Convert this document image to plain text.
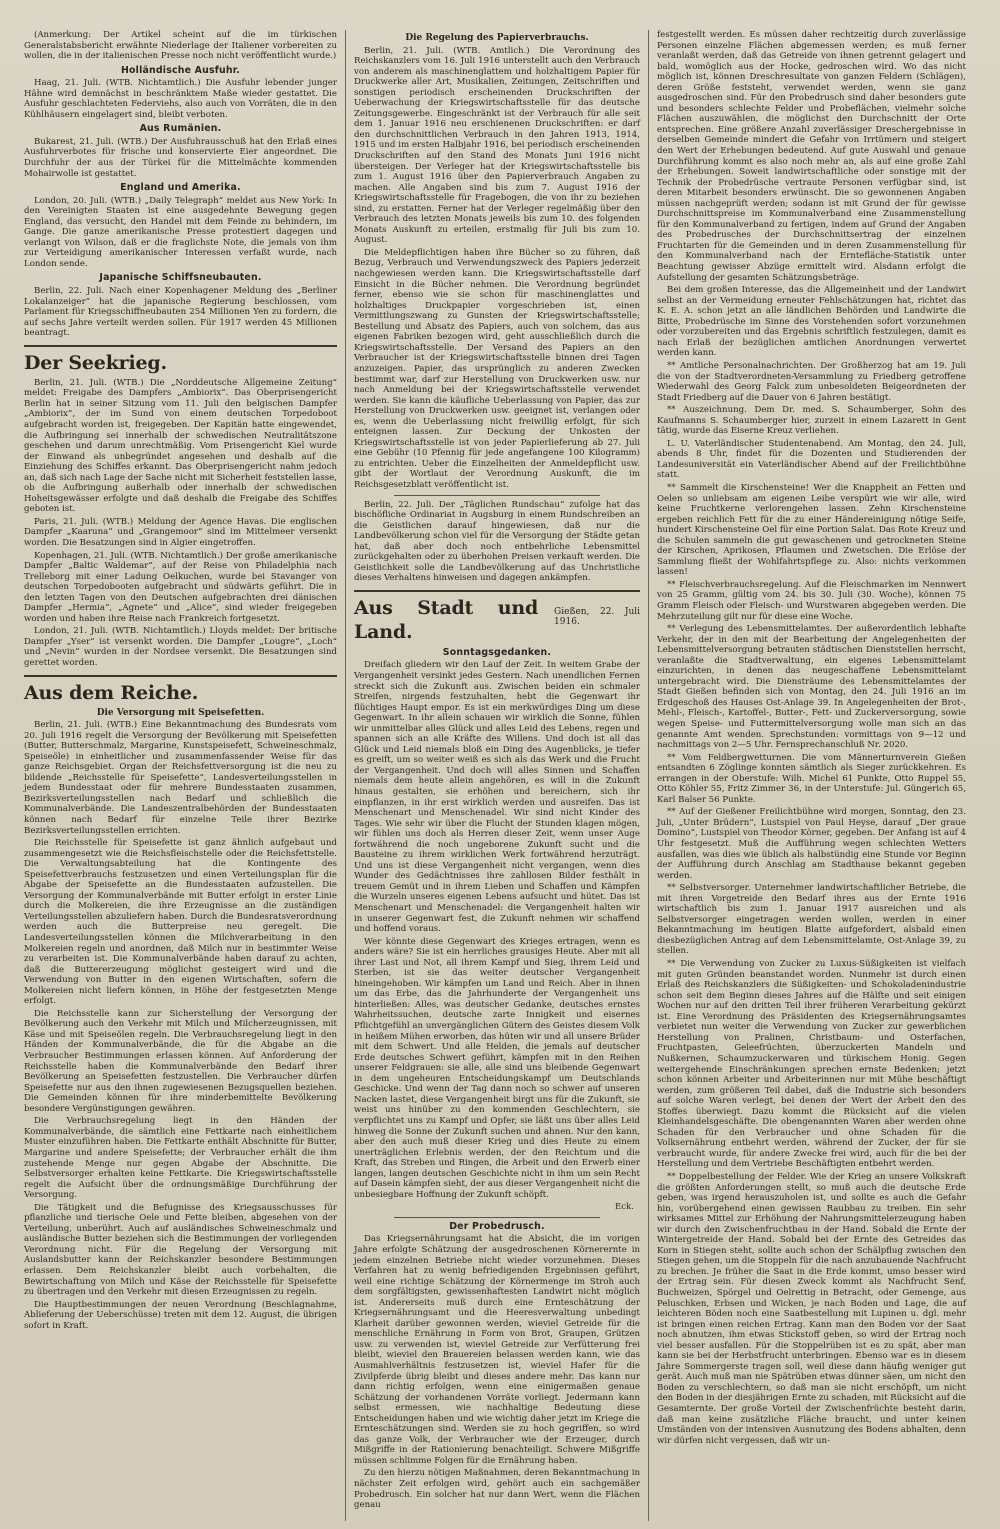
(Anmerkung: Der Artikel scheint auf die im türkischen Generalstabsbericht erwähnte Niederlage der Italiener vorbereiten zu wollen, die in der italienischen Presse noch nicht veröffentlicht wurde.)

Holländische Ausfuhr.

Haag, 21. Juli. (WTB. Nichtamtlich.) Die Ausfuhr lebender junger Hähne wird demnächst in beschränktem Maße wieder gestattet. Die Ausfuhr geschlachteten Federviehs, also auch von Vorräten, die in den Kühlhäusern eingelagert sind, bleibt verboten.

Aus Rumänien.

Bukarest, 21. Juli. (WTB.) Der Ausfuhrausschuß hat den Erlaß eines Ausfuhrverbotes für frische und konservierte Eier angeordnet. Die Durchfuhr der aus der Türkei für die Mittelmächte kommenden Mohairwolle ist gestattet.

England und Amerika.

London, 20. Juli. (WTB.) „Daily Telegraph“ meldet aus New York: In den Vereinigten Staaten ist eine ausgedehnte Bewegung gegen England, das versucht, den Handel mit dem Feinde zu behindern, im Gange. Die ganze amerikanische Presse protestiert dagegen und verlangt von Wilson, daß er die fraglichste Note, die jemals von ihm zur Verteidigung amerikanischer Interessen verfaßt wurde, nach London sende.

Japanische Schiffsneubauten.

Berlin, 22. Juli. Nach einer Kopenhagener Meldung des „Berliner Lokalanzeiger“ hat die japanische Regierung beschlossen, vom Parlament für Kriegsschiffneubauten 254 Millionen Yen zu fordern, die auf sechs Jahre verteilt werden sollen. Für 1917 werden 45 Millionen beantragt.

Der Seekrieg.

Berlin, 21. Juli. (WTB.) Die „Norddeutsche Allgemeine Zeitung“ meldet: Freigabe des Dampfers „Ambiorix“. Das Oberprisengericht Berlin hat in seiner Sitzung vom 11. Juli den belgischen Dampfer „Ambiorix“, der im Sund von einem deutschen Torpedoboot aufgebracht worden ist, freigegeben. Der Kapitän hatte eingewendet, die Aufbringung sei innerhalb der schwedischen Neutralitätszone geschehen und darum unrechtmäßig. Vom Prisengericht Kiel wurde der Einwand als unbegründet angesehen und deshalb auf die Einziehung des Schiffes erkannt. Das Oberprisengericht nahm jedoch an, daß sich nach Lage der Sache nicht mit Sicherheit feststellen lasse, ob die Aufbringung außerhalb oder innerhalb der schwedischen Hoheitsgewässer erfolgte und daß deshalb die Freigabe des Schiffes geboten ist.

Paris, 21. Juli. (WTB.) Meldung der Agence Havas. Die englischen Dampfer „Kaaruna“ und „Grangemoor“ sind im Mittelmeer versenkt worden. Die Besatzungen sind in Algier eingetroffen.

Kopenhagen, 21. Juli. (WTB. Nichtamtlich.) Der große amerikanische Dampfer „Baltic Waldemar“, auf der Reise von Philadelphia nach Trelleborg mit einer Ladung Oelkuchen, wurde bei Stavanger von deutschen Torpedobooten aufgebracht und südwärts geführt. Die in den letzten Tagen von den Deutschen aufgebrachten drei dänischen Dampfer „Hermia“, „Agnete“ und „Alice“, sind wieder freigegeben worden und haben ihre Reise nach Frankreich fortgesetzt.

London, 21. Juli. (WTB. Nichtamtlich.) Lloyds meldet: Der britische Dampfer „Yser“ ist versenkt worden. Die Dampfer „Lougre“, „Loch“ und „Nevin“ wurden in der Nordsee versenkt. Die Besatzungen sind gerettet worden.

Aus dem Reiche.
Die Versorgung mit Speisefetten.

Berlin, 21. Juli. (WTB.) Eine Bekanntmachung des Bundesrats vom 20. Juli 1916 regelt die Versorgung der Bevölkerung mit Speisefetten (Butter, Butterschmalz, Margarine, Kunstspeisefett, Schweineschmalz, Speiseöle) in einheitlicher und zusammenfassender Weise für das ganze Reichsgebiet. Organ der Reichsfettversorgung ist die neu zu bildende „Reichsstelle für Speisefette“, Landesverteilungsstellen in jedem Bundesstaat oder für mehrere Bundesstaaten zusammen, Bezirksverteilungsstellen nach Bedarf und schließlich die Kommunalverbände. Die Landeszentralbehörden der Bundesstaaten können nach Bedarf für einzelne Teile ihrer Bezirke Bezirksverteilungsstellen errichten.

Die Reichsstelle für Speisefette ist ganz ähnlich aufgebaut und zusammengesetzt wie die Reichsfleischstelle oder die Reichsfettstelle. Die Verwaltungsabteilung hat die Kontingente des Speisefettverbrauchs festzusetzen und einen Verteilungsplan für die Abgabe der Speisefette an die Bundesstaaten aufzustellen. Die Versorgung der Kommunalverbände mit Butter erfolgt in erster Linie durch die Molkereien, die ihre Erzeugnisse an die zuständigen Verteilungsstellen abzuliefern haben. Durch die Bundesratsverordnung werden auch die Butterpreise neu geregelt. Die Landesverteilungsstellen können die Milchverarbeitung in den Molkereien regeln und anordnen, daß Milch nur in bestimmter Weise zu verarbeiten ist. Die Kommunalverbände haben darauf zu achten, daß die Buttererzeugung möglichst gesteigert wird und die Verwendung von Butter in den eigenen Wirtschaften, sofern die Molkereien nicht liefern können, in Höhe der festgesetzten Menge erfolgt.

Die Reichsstelle kann zur Sicherstellung der Versorgung der Bevölkerung auch den Verkehr mit Milch und Milcherzeugnissen, mit Käse und mit Speiseölen regeln. Die Verbrauchsregelung liegt in den Händen der Kommunalverbände, die für die Abgabe an die Verbraucher Bestimmungen erlassen können. Auf Anforderung der Reichsstelle haben die Kommunalverbände den Bedarf ihrer Bevölkerung an Speisefetten festzustellen. Die Verbraucher dürfen Speisefette nur aus den ihnen zugewiesenen Bezugsquellen beziehen. Die Gemeinden können für ihre minderbemittelte Bevölkerung besondere Vergünstigungen gewähren.

Die Verbrauchsregelung liegt in den Händen der Kommunalverbände, die sämtlich eine Fettkarte nach einheitlichem Muster einzuführen haben. Die Fettkarte enthält Abschnitte für Butter, Margarine und andere Speisefette; der Verbraucher erhält die ihm zustehende Menge nur gegen Abgabe der Abschnitte. Die Selbstversorger erhalten keine Fettkarte. Die Kriegswirtschaftsstelle regelt die Aufsicht über die ordnungsmäßige Durchführung der Versorgung.

Die Tätigkeit und die Befugnisse des Kriegsausschusses für pflanzliche und tierische Oele und Fette bleiben, abgesehen von der Verteilung, unberührt. Auch auf ausländisches Schweineschmalz und ausländische Butter beziehen sich die Bestimmungen der vorliegenden Verordnung nicht. Für die Regelung der Versorgung mit Auslandsbutter kann der Reichskanzler besondere Bestimmungen erlassen. Dem Reichskanzler bleibt auch vorbehalten, die Bewirtschaftung von Milch und Käse der Reichsstelle für Speisefette zu übertragen und den Verkehr mit diesen Erzeugnissen zu regeln.

Die Hauptbestimmungen der neuen Verordnung (Beschlagnahme, Ablieferung der Ueberschüsse) treten mit dem 12. August, die übrigen sofort in Kraft.

Die Regelung des Papierverbrauchs.

Berlin, 21. Juli. (WTB. Amtlich.) Die Verordnung des Reichskanzlers vom 16. Juli 1916 unterstellt auch den Verbrauch von anderem als maschinenglattem und holzhaltigem Papier für Druckwerke aller Art, Musikalien, Zeitungen, Zeitschriften und sonstigen periodisch erscheinenden Druckschriften der Ueberwachung der Kriegswirtschaftsstelle für das deutsche Zeitungsgewerbe. Eingeschränkt ist der Verbrauch für alle seit dem 1. Januar 1916 neu erschienenen Druckschriften: er darf den durchschnittlichen Verbrauch in den Jahren 1913, 1914, 1915 und im ersten Halbjahr 1916, bei periodisch erscheinenden Druckschriften auf den Stand des Monats Juni 1916 nicht übersteigen. Der Verleger hat der Kriegswirtschaftsstelle bis zum 1. August 1916 über den Papierverbrauch Angaben zu machen. Alle Angaben sind bis zum 7. August 1916 der Kriegswirtschaftsstelle für Fragebogen, die von ihr zu beziehen sind, zu erstatten. Ferner hat der Verleger regelmäßig über den Verbrauch des letzten Monats jeweils bis zum 10. des folgenden Monats Auskunft zu erteilen, erstmalig für Juli bis zum 10. August.

Die Meldepflichtigen haben ihre Bücher so zu führen, daß Bezug, Verbrauch und Verwendungszweck des Papiers jederzeit nachgewiesen werden kann. Die Kriegswirtschaftsstelle darf Einsicht in die Bücher nehmen. Die Verordnung begründet ferner, ebenso wie sie schon für maschinenglattes und holzhaltiges Druckpapier vorgeschrieben ist, einen Vermittlungszwang zu Gunsten der Kriegswirtschaftsstelle; Bestellung und Absatz des Papiers, auch von solchem, das aus eigenen Fabriken bezogen wird, geht ausschließlich durch die Kriegswirtschaftsstelle. Der Versand des Papiers an den Verbraucher ist der Kriegswirtschaftsstelle binnen drei Tagen anzuzeigen. Papier, das ursprünglich zu anderen Zwecken bestimmt war, darf zur Herstellung von Druckwerken usw. nur nach Anmeldung bei der Kriegswirtschaftsstelle verwendet werden. Sie kann die käufliche Ueberlassung von Papier, das zur Herstellung von Druckwerken usw. geeignet ist, verlangen oder es, wenn die Ueberlassung nicht freiwillig erfolgt, für sich enteignen lassen. Zur Deckung der Unkosten der Kriegswirtschaftsstelle ist von jeder Papierlieferung ab 27. Juli eine Gebühr (10 Pfennig für jede angefangene 100 Kilogramm) zu entrichten. Ueber die Einzelheiten der Anmeldepflicht usw. gibt der Wortlaut der Verordnung Auskunft, die im Reichsgesetzblatt veröffentlicht ist.

Berlin, 22. Juli. Der „Täglichen Rundschau“ zufolge hat das bischöfliche Ordinariat in Augsburg in einem Rundschreiben an die Geistlichen darauf hingewiesen, daß nur die Landbevölkerung schon viel für die Versorgung der Städte getan hat, daß aber doch noch entbehrliche Lebensmittel zurückgehalten oder zu überhohen Preisen verkauft werden. Die Geistlichkeit solle die Landbevölkerung auf das Unchristliche dieses Verhaltens hinweisen und dagegen ankämpfen.

Aus Stadt und Land.
Gießen, 22. Juli 1916.
Sonntagsgedanken.

Dreifach gliedern wir den Lauf der Zeit. In weitem Grabe der Vergangenheit versinkt jedes Gestern. Nach unendlichen Fernen streckt sich die Zukunft aus. Zwischen beiden ein schmaler Streifen, nirgends festzuhalten, hebt die Gegenwart ihr flüchtiges Haupt empor. Es ist ein merkwürdiges Ding um diese Gegenwart. In ihr allein schauen wir wirklich die Sonne, fühlen wir unmittelbar alles Glück und alles Leid des Lebens, regen und spannen sich an alle Kräfte des Willens. Und doch ist all das Glück und Leid niemals bloß ein Ding des Augenblicks, je tiefer es greift, um so weiter weiß es sich als das Werk und die Frucht der Vergangenheit. Und doch will alles Sinnen und Schaffen niemals dem heute allein angehören, es will in die Zukunft hinaus gestalten, sie erhöhen und bereichern, sich ihr einpflanzen, in ihr erst wirklich werden und ausreifen. Das ist Menschenart und Menschenadel. Wir sind nicht Kinder des Tages. Wie sehr wir über die Flucht der Stunden klagen mögen, wir fühlen uns doch als Herren dieser Zeit, wenn unser Auge fortwährend die noch ungeborene Zukunft sucht und die Bausteine zu ihrem wirklichen Werk fortwährend herzuträgt. Und uns ist diese Vergangenheit nicht vergangen, wenn dies Wunder des Gedächtnisses ihre zahllosen Bilder festhält in treuem Gemüt und in ihrem Lieben und Schaffen und Kämpfen die Wurzeln unseres eigenen Lebens aufsucht und hütet. Das ist Menschenart und Menschenadel: die Vergangenheit halten wir in unserer Gegenwart fest, die Zukunft nehmen wir schaffend und hoffend voraus.

Wer könnte diese Gegenwart des Krieges ertragen, wenn es anders wäre? Sie ist ein herrliches grausiges Heute. Aber mit all ihrer Last und Not, all ihrem Kampf und Sieg, ihrem Leid und Sterben, ist sie das weiter deutscher Vergangenheit hineingehoben. Wir kämpfen um Land und Reich. Aber in ihnen um das Erbe, das die Jahrhunderte der Vergangenheit uns hinterließen: Alles, was deutscher Gedanke, deutsches ernstes Wahrheitssuchen, deutsche zarte Innigkeit und eisernes Pflichtgefühl an unvergänglichen Gütern des Geistes diesem Volk in heißem Mühen erworben, das hüten wir und all unsere Brüder mit dem Schwert. Und alle Helden, die jemals auf deutscher Erde deutsches Schwert geführt, kämpfen mit in den Reihen unserer Feldgrauen: sie alle, alle sind uns bleibende Gegenwart in dem ungeheuren Entscheidungskampf um Deutschlands Geschicke. Und wenn der Tag dann noch so schwer auf unseren Nacken lastet, diese Vergangenheit birgt uns für die Zukunft, sie weist uns hinüber zu den kommenden Geschlechtern, sie verpflichtet uns zu Kampf und Opfer, sie läßt uns über alles Leid hinweg die Sonne der Zukunft suchen und ahnen. Nur den kann, aber den auch muß dieser Krieg und dies Heute zu einem unerträglichen Erlebnis werden, der den Reichtum und die Kraft, das Streben und Ringen, die Arbeit und den Erwerb einer langen, langen deutschen Geschichte nicht in ihm um sein Recht auf Dasein kämpfen sieht, der aus dieser Vergangenheit nicht die unbesiegbare Hoffnung der Zukunft schöpft.

Eck.
Der Probedrusch.

Das Kriegsernährungsamt hat die Absicht, die im vorigen Jahre erfolgte Schätzung der ausgedroschenen Körnerernte in jedem einzelnen Betriebe nicht wieder vorzunehmen. Dieses Verfahren hat zu wenig befriedigenden Ergebnissen geführt, weil eine richtige Schätzung der Körnermenge im Stroh auch dem sorgfältigsten, gewissenhaftesten Landwirt nicht möglich ist. Andererseits muß durch eine Ernteschätzung der Kriegsernährungsamt und die Heeresverwaltung unbedingt Klarheit darüber gewonnen werden, wieviel Getreide für die menschliche Ernährung in Form von Brot, Graupen, Grützen usw. zu verwenden ist, wieviel Getreide zur Verfütterung frei bleibt, wieviel den Brauereien belassen werden kann, wie das Ausmahlverhältnis festzusetzen ist, wieviel Hafer für die Zivilpferde übrig bleibt und dieses andere mehr. Das kann nur dann richtig erfolgen, wenn eine einigermaßen genaue Schätzung der vorhandenen Vorräte vorliegt. Jedermann kann selbst ermessen, wie nachhaltige Bedeutung diese Entscheidungen haben und wie wichtig daher jetzt im Kriege die Ernteschätzungen sind. Werden sie zu hoch gegriffen, so wird das ganze Volk, der Verbraucher wie der Erzeuger, durch Mißgriffe in der Rationierung benachteiligt. Schwere Mißgriffe müssen schlimme Folgen für die Ernährung haben.

Zu den hierzu nötigen Maßnahmen, deren Bekanntmachung in nächster Zeit erfolgen wird, gehört auch ein sachgemäßer Probedrusch. Ein solcher hat nur dann Wert, wenn die Flächen genau

festgestellt werden. Es müssen daher rechtzeitig durch zuverlässige Personen einzelne Flächen abgemessen werden; es muß ferner veranlaßt werden, daß das Getreide von ihnen getrennt gelagert und bald, womöglich aus der Hocke, gedroschen wird. Wo das nicht möglich ist, können Dreschresultate von ganzen Feldern (Schlägen), deren Größe feststeht, verwendet werden, wenn sie ganz ausgedroschen sind. Für den Probedrusch sind daher besonders gute und besonders schlechte Felder und Probeflächen, vielmehr solche Flächen auszuwählen, die möglichst den Durchschnitt der Orte entsprechen. Eine größere Anzahl zuverlässiger Dreschergebnisse in derselben Gemeinde mindert die Gefahr von Irrtümern und steigert den Wert der Erhebungen bedeutend. Auf gute Auswahl und genaue Durchführung kommt es also noch mehr an, als auf eine große Zahl der Erhebungen. Soweit landwirtschaftliche oder sonstige mit der Technik der Probedrüsche vertraute Personen verfügbar sind, ist deren Mitarbeit besonders erwünscht. Die so gewonnenen Angaben müssen nachgeprüft werden; sodann ist mit Grund der für gewisse Durchschnittspreise im Kommunalverband eine Zusammenstellung für den Kommunalverband zu fertigen, indem auf Grund der Angaben des Probedrusches der Durchschnittsertrag der einzelnen Fruchtarten für die Gemeinden und in deren Zusammenstellung für den Kommunalverband nach der Erntefläche-Statistik unter Beachtung gewisser Abzüge ermittelt wird. Alsdann erfolgt die Aufstellung der gesamten Schätzungsbeträge.

Bei dem großen Interesse, das die Allgemeinheit und der Landwirt selbst an der Vermeidung erneuter Fehlschätzungen hat, richtet das K. E. A. schon jetzt an alle ländlichen Behörden und Landwirte die Bitte, Probedrüsche im Sinne des Vorstehenden sofort vorzunehmen oder vorzubereiten und das Ergebnis schriftlich festzulegen, damit es nach Erlaß der bezüglichen amtlichen Anordnungen verwertet werden kann.

** Amtliche Personalnachrichten. Der Großherzog hat am 19. Juli die von der Stadtverordneten-Versammlung zu Friedberg getroffene Wiederwahl des Georg Falck zum unbesoldeten Beigeordneten der Stadt Friedberg auf die Dauer von 6 Jahren bestätigt.

** Auszeichnung. Dem Dr. med. S. Schaumberger, Sohn des Kaufmanns S. Schaumberger hier, zurzeit in einem Lazarett in Gent tätig, wurde das Eiserne Kreuz verliehen.

L. U. Vaterländischer Studentenabend. Am Montag, den 24. Juli, abends 8 Uhr, findet für die Dozenten und Studierenden der Landesuniversität ein Vaterländischer Abend auf der Freilichtbühne statt.

** Sammelt die Kirschensteine! Wer die Knappheit an Fetten und Oelen so unliebsam am eigenen Leibe verspürt wie wir alle, wird keine Fruchtkerne verlorengehen lassen. Zehn Kirschensteine ergeben reichlich Fett für die zu einer Händereinigung nötige Seife, hundert Kirschensteine Oel für eine Portion Salat. Das Rote Kreuz und die Schulen sammeln die gut gewaschenen und getrockneten Steine der Kirschen, Aprikosen, Pflaumen und Zwetschen. Die Erlöse der Sammlung fließt der Wohlfahrtspflege zu. Also: nichts verkommen lassen!

** Fleischverbrauchsregelung. Auf die Fleischmarken im Nennwert von 25 Gramm, gültig vom 24. bis 30. Juli (30. Woche), können 75 Gramm Fleisch oder Fleisch- und Wurstwaren abgegeben werden. Die Mehrzuteilung gilt nur für diese eine Woche.

** Verlegung des Lebensmittelamtes. Der außerordentlich lebhafte Verkehr, der in den mit der Bearbeitung der Angelegenheiten der Lebensmittelversorgung betrauten städtischen Dienststellen herrscht, veranlaßte die Stadtverwaltung, ein eigenes Lebensmittelamt einzurichten, in denen das neugeschaffene Lebensmittelamt untergebracht wird. Die Diensträume des Lebensmittelamtes der Stadt Gießen befinden sich von Montag, den 24. Juli 1916 an im Erdgeschoß des Hauses Ost-Anlage 39. In Angelegenheiten der Brot-, Mehl-, Fleisch-, Kartoffel-, Butter-, Fett- und Zuckerversorgung, sowie wegen Speise- und Futtermittelversorgung wolle man sich an das genannte Amt wenden. Sprechstunden: vormittags von 9—12 und nachmittags von 2—5 Uhr. Fernsprechanschluß Nr. 2020.

** Vom Feldbergwetturnen. Die vom Männerturnverein Gießen entsandten 6 Zöglinge konnten sämtlich als Sieger zurückkehren. Es errangen in der Oberstufe: Wilh. Michel 61 Punkte, Otto Ruppel 55, Otto Köhler 55, Fritz Zimmer 36, in der Unterstufe: Jul. Güngerich 65, Karl Balser 56 Punkte.

** Auf der Gießener Freilichtbühne wird morgen, Sonntag, den 23. Juli, „Unter Brüdern“, Lustspiel von Paul Heyse, darauf „Der graue Domino“, Lustspiel von Theodor Körner, gegeben. Der Anfang ist auf 4 Uhr festgesetzt. Muß die Aufführung wegen schlechten Wetters ausfallen, was dies wie üblich als halbstündig eine Stunde vor Beginn der Aufführung durch Anschlag am Stadthause bekannt gegeben werden.

** Selbstversorger. Unternehmer landwirtschaftlicher Betriebe, die mit ihren Vorgetreide den Bedarf ihres aus der Ernte 1916 wirtschaftlich bis zum 1. Januar 1917 ausreichen und als Selbstversorger eingetragen werden wollen, werden in einer Bekanntmachung im heutigen Blatte aufgefordert, alsbald einen diesbezüglichen Antrag auf dem Lebensmittelamte, Ost-Anlage 39, zu stellen.

** Die Verwendung von Zucker zu Luxus-Süßigkeiten ist vielfach mit guten Gründen beanstandet worden. Nunmehr ist durch einen Erlaß des Reichskanzlers die Süßigkeiten- und Schokoladenindustrie schon seit dem Beginn dieses Jahres auf die Hälfte und seit einigen Wochen nur auf den dritten Teil ihrer früheren Verarbeitung gekürzt ist. Eine Verordnung des Präsidenten des Kriegsernährungsamtes verbietet nun weiter die Verwendung von Zucker zur gewerblichen Herstellung von Pralinen, Christbaum- und Osterfachen, Fruchtpasten, Geleefrüchten, überzuckerten Mandeln und Nußkernen, Schaumzuckerwaren und türkischem Honig. Gegen weitergehende Einschränkungen sprechen ernste Bedenken; jetzt schon können Arbeiter und Arbeiterinnen nur mit Mühe beschäftigt werden, zum größeren Teil dabei, daß die Industrie sich besonders auf solche Waren verlegt, bei denen der Wert der Arbeit den des Stoffes überwiegt. Dazu kommt die Rücksicht auf die vielen Kleinhandelsgeschäfte. Die obengenannten Waren aber werden ohne Schaden für den Verbraucher und ohne Schaden für die Volksernährung entbehrt werden, während der Zucker, der für sie verbraucht wurde, für andere Zwecke frei wird, auch für die bei der Herstellung und dem Vertriebe Beschäftigten entbehrt werden.

** Doppelbestellung der Felder. Wie der Krieg an unsere Volkskraft die größten Anforderungen stellt, so muß auch die deutsche Erde geben, was irgend herauszuholen ist, und sollte es auch die Gefahr hin, vorübergehend einen gewissen Raubbau zu treiben. Ein sehr wirksames Mittel zur Erhöhung der Nahrungsmittelerzeugung haben wir durch den Zwischenfruchtbau in der Hand. Sobald die Ernte der Wintergetreide der Hand. Sobald bei der Ernte des Getreides das Korn in Stiegen steht, sollte auch schon der Schälpflug zwischen den Stiegen gehen, um die Stoppeln für die nach anzubauende Nachfrucht zu brechen. Je früher die Saat in die Erde kommt, umso besser wird der Ertrag sein. Für diesen Zweck kommt als Nachfrucht Senf, Buchweizen, Spörgel und Oelrettig in Betracht, oder Gemenge, aus Peluschken, Erbsen und Wicken, je nach Boden und Lage, die auf leichteren Böden noch eine Saatbestellung mit Lupinen u. dgl. mehr ist bringen einen reichen Ertrag. Kann man den Boden vor der Saat noch abnutzen, ihm etwas Stickstoff geben, so wird der Ertrag noch viel besser ausfallen. Für die Stoppelrüben ist es zu spät, aber man kann sie bei der Herbstfrucht unterbringen. Ebenso war es in diesem Jahre Sommergerste tragen soll, weil diese dann häufig weniger gut gerät. Auch muß man nie Spätrüben etwas dünner säen, um nicht den Boden zu verschlechtern, so daß man sie nicht erschöpft, um nicht den Boden in der diesjährigen Ernte zu schaden, mit Rücksicht auf die Gesamternte. Der große Vorteil der Zwischenfrüchte besteht darin, daß man keine zusätzliche Fläche braucht, und unter keinen Umständen von der intensiven Ausnutzung des Bodens abhalten, denn wir dürfen nicht vergessen, daß wir un-
